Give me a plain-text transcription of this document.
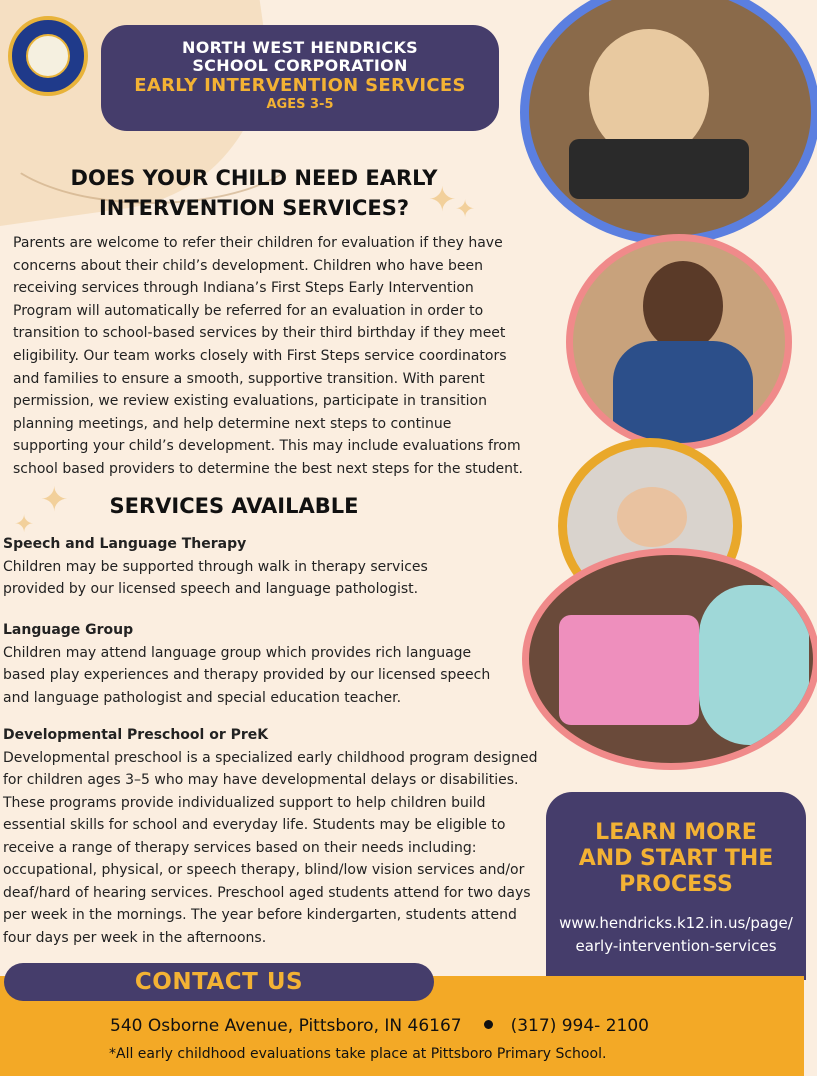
NORTH WEST HENDRICKS
SCHOOL CORPORATION
EARLY INTERVENTION SERVICES
AGES 3-5
✦
✦
✦
✦
DOES YOUR CHILD NEED EARLY
INTERVENTION SERVICES?
Parents are welcome to refer their children for evaluation if they have concerns about their child’s development. Children who have been receiving services through Indiana’s First Steps Early Intervention Program will automatically be referred for an evaluation in order to transition to school-based services by their third birthday if they meet eligibility. Our team works closely with First Steps service coordinators and families to ensure a smooth, supportive transition. With parent permission, we review existing evaluations, participate in transition planning meetings, and help determine next steps to continue supporting your child’s development. This may include evaluations from school based providers to determine the best next steps for the student.
SERVICES AVAILABLE
Speech and Language Therapy
Children may be supported through walk in therapy services provided by our licensed speech and language pathologist.
Language Group
Children may attend language group which provides rich language based play experiences and therapy provided by our licensed speech and language pathologist and special education teacher.
Developmental Preschool or PreK
Developmental preschool is a specialized early childhood program designed for children ages 3–5 who may have developmental delays or disabilities. These programs provide individualized support to help children build essential skills for school and everyday life. Students may be eligible to receive a range of therapy services based on their needs including: occupational, physical, or speech therapy, blind/low vision services and/or deaf/hard of hearing services. Preschool aged students attend for two days per week in the mornings. The year before kindergarten, students attend four days per week in the afternoons.
LEARN MORE
AND START THE
PROCESS
www.hendricks.k12.in.us/page/
early-intervention-services
CONTACT US
540 Osborne Avenue, Pittsboro, IN 46167	(317) 994- 2100
*All early childhood evaluations take place at Pittsboro Primary School.
